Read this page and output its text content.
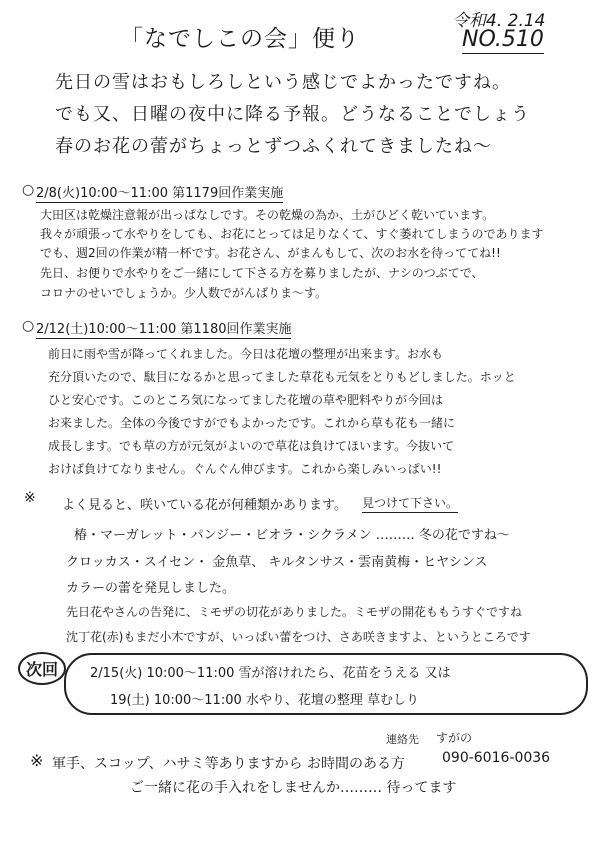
「なでしこの会」便り
令和4. 2.14
NO.510
先日の雪はおもしろしという感じでよかったですね。
でも又、日曜の夜中に降る予報。どうなることでしょう
春のお花の蕾がちょっとずつふくれてきましたね〜
○ 2/8(火)10:00〜11:00 第1179回作業実施
大田区は乾燥注意報が出っぱなしです。その乾燥の為か、土がひどく乾いています。
我々が頑張って水やりをしても、お花にとっては足りなくて、すぐ萎れてしまうのであります
でも、週2回の作業が精一杯です。お花さん、がまんもして、次のお水を待っててね!!
先日、お便りで水やりをご一緒にして下さる方を募りましたが、ナシのつぶてで、
コロナのせいでしょうか。少人数でがんばりま〜す。
○ 2/12(土)10:00〜11:00 第1180回作業実施
前日に雨や雪が降ってくれました。今日は花壇の整理が出来ます。お水も
充分頂いたので、駄目になるかと思ってました草花も元気をとりもどしました。ホッと
ひと安心です。このところ気になってました花壇の草や肥料やりが今回は
お来ました。全体の今後ですがでもよかったです。これから草も花も一緒に
成長します。でも草の方が元気がよいので草花は負けてほいます。今抜いて
おけば負けてなりません。ぐんぐん伸びます。これから楽しみいっぱい!!
※ よく見ると、咲いている花が何種類かあります。 見つけて下さい。
椿・マーガレット・パンジー・ビオラ・シクラメン ……… 冬の花ですね〜
クロッカス・スイセン・ 金魚草、 キルタンサス・雲南黄梅・ヒヤシンス
カラーの蕾を発見しました。
先日花やさんの告発に、ミモザの切花がありました。ミモザの開花ももうすぐですね
沈丁花(赤)もまだ小木ですが、いっぱい蕾をつけ、さあ咲きますよ、というところです
次回	2/15(火) 10:00〜11:00 雪が溶けれたら、花苗をうえる 又は
19(土) 10:00〜11:00 水やり、花壇の整理 草むしり
連絡先 すがの
※ 軍手、スコップ、ハサミ等ありますから お時間のある方	090-6016-0036
ご一緒に花の手入れをしませんか……… 待ってます
